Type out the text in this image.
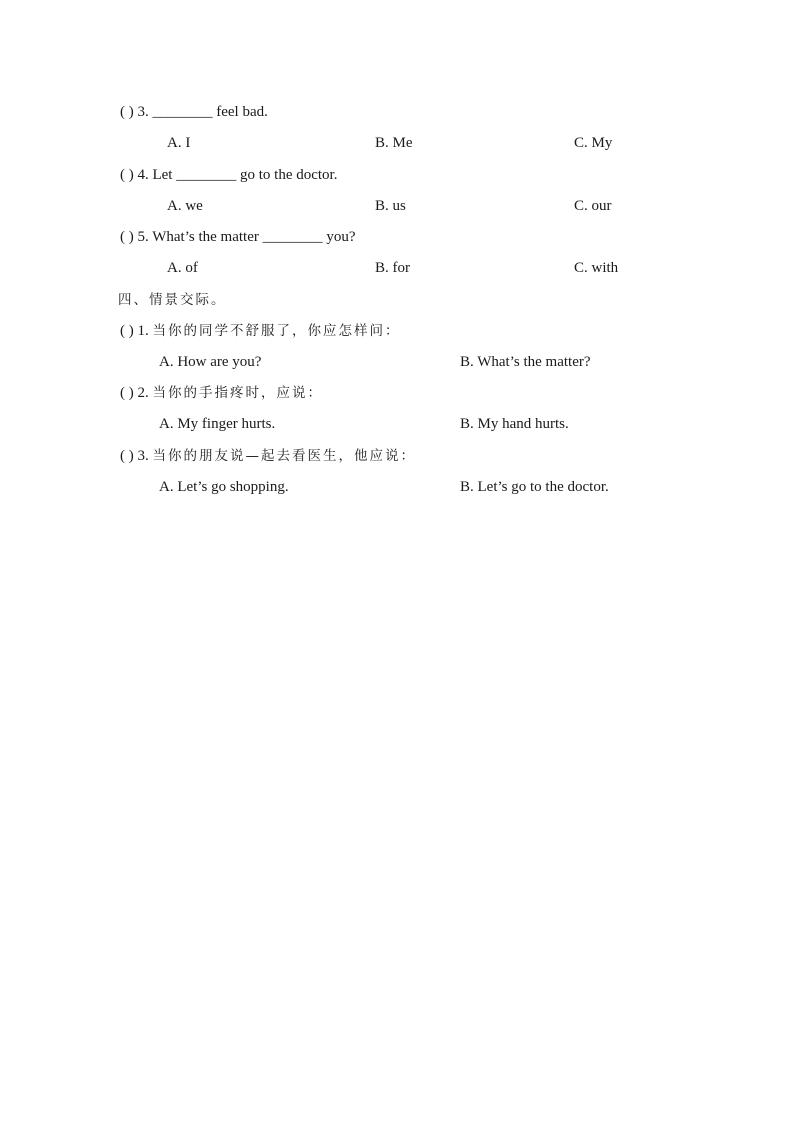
( ) 3. ________ feel bad.
A. I	B. Me	C. My
( ) 4. Let ________ go to the doctor.
A. we	B. us	C. our
( ) 5. What’s the matter ________ you?
A. of	B. for	C. with
四、情景交际。
( ) 1. 当你的同学不舒服了，你应怎样问：
A. How are you?	B. What’s the matter?
( ) 2. 当你的手指疼时，应说：
A. My finger hurts.	B. My hand hurts.
( ) 3. 当你的朋友说—起去看医生，他应说：
A. Let’s go shopping.	B. Let’s go to the doctor.
